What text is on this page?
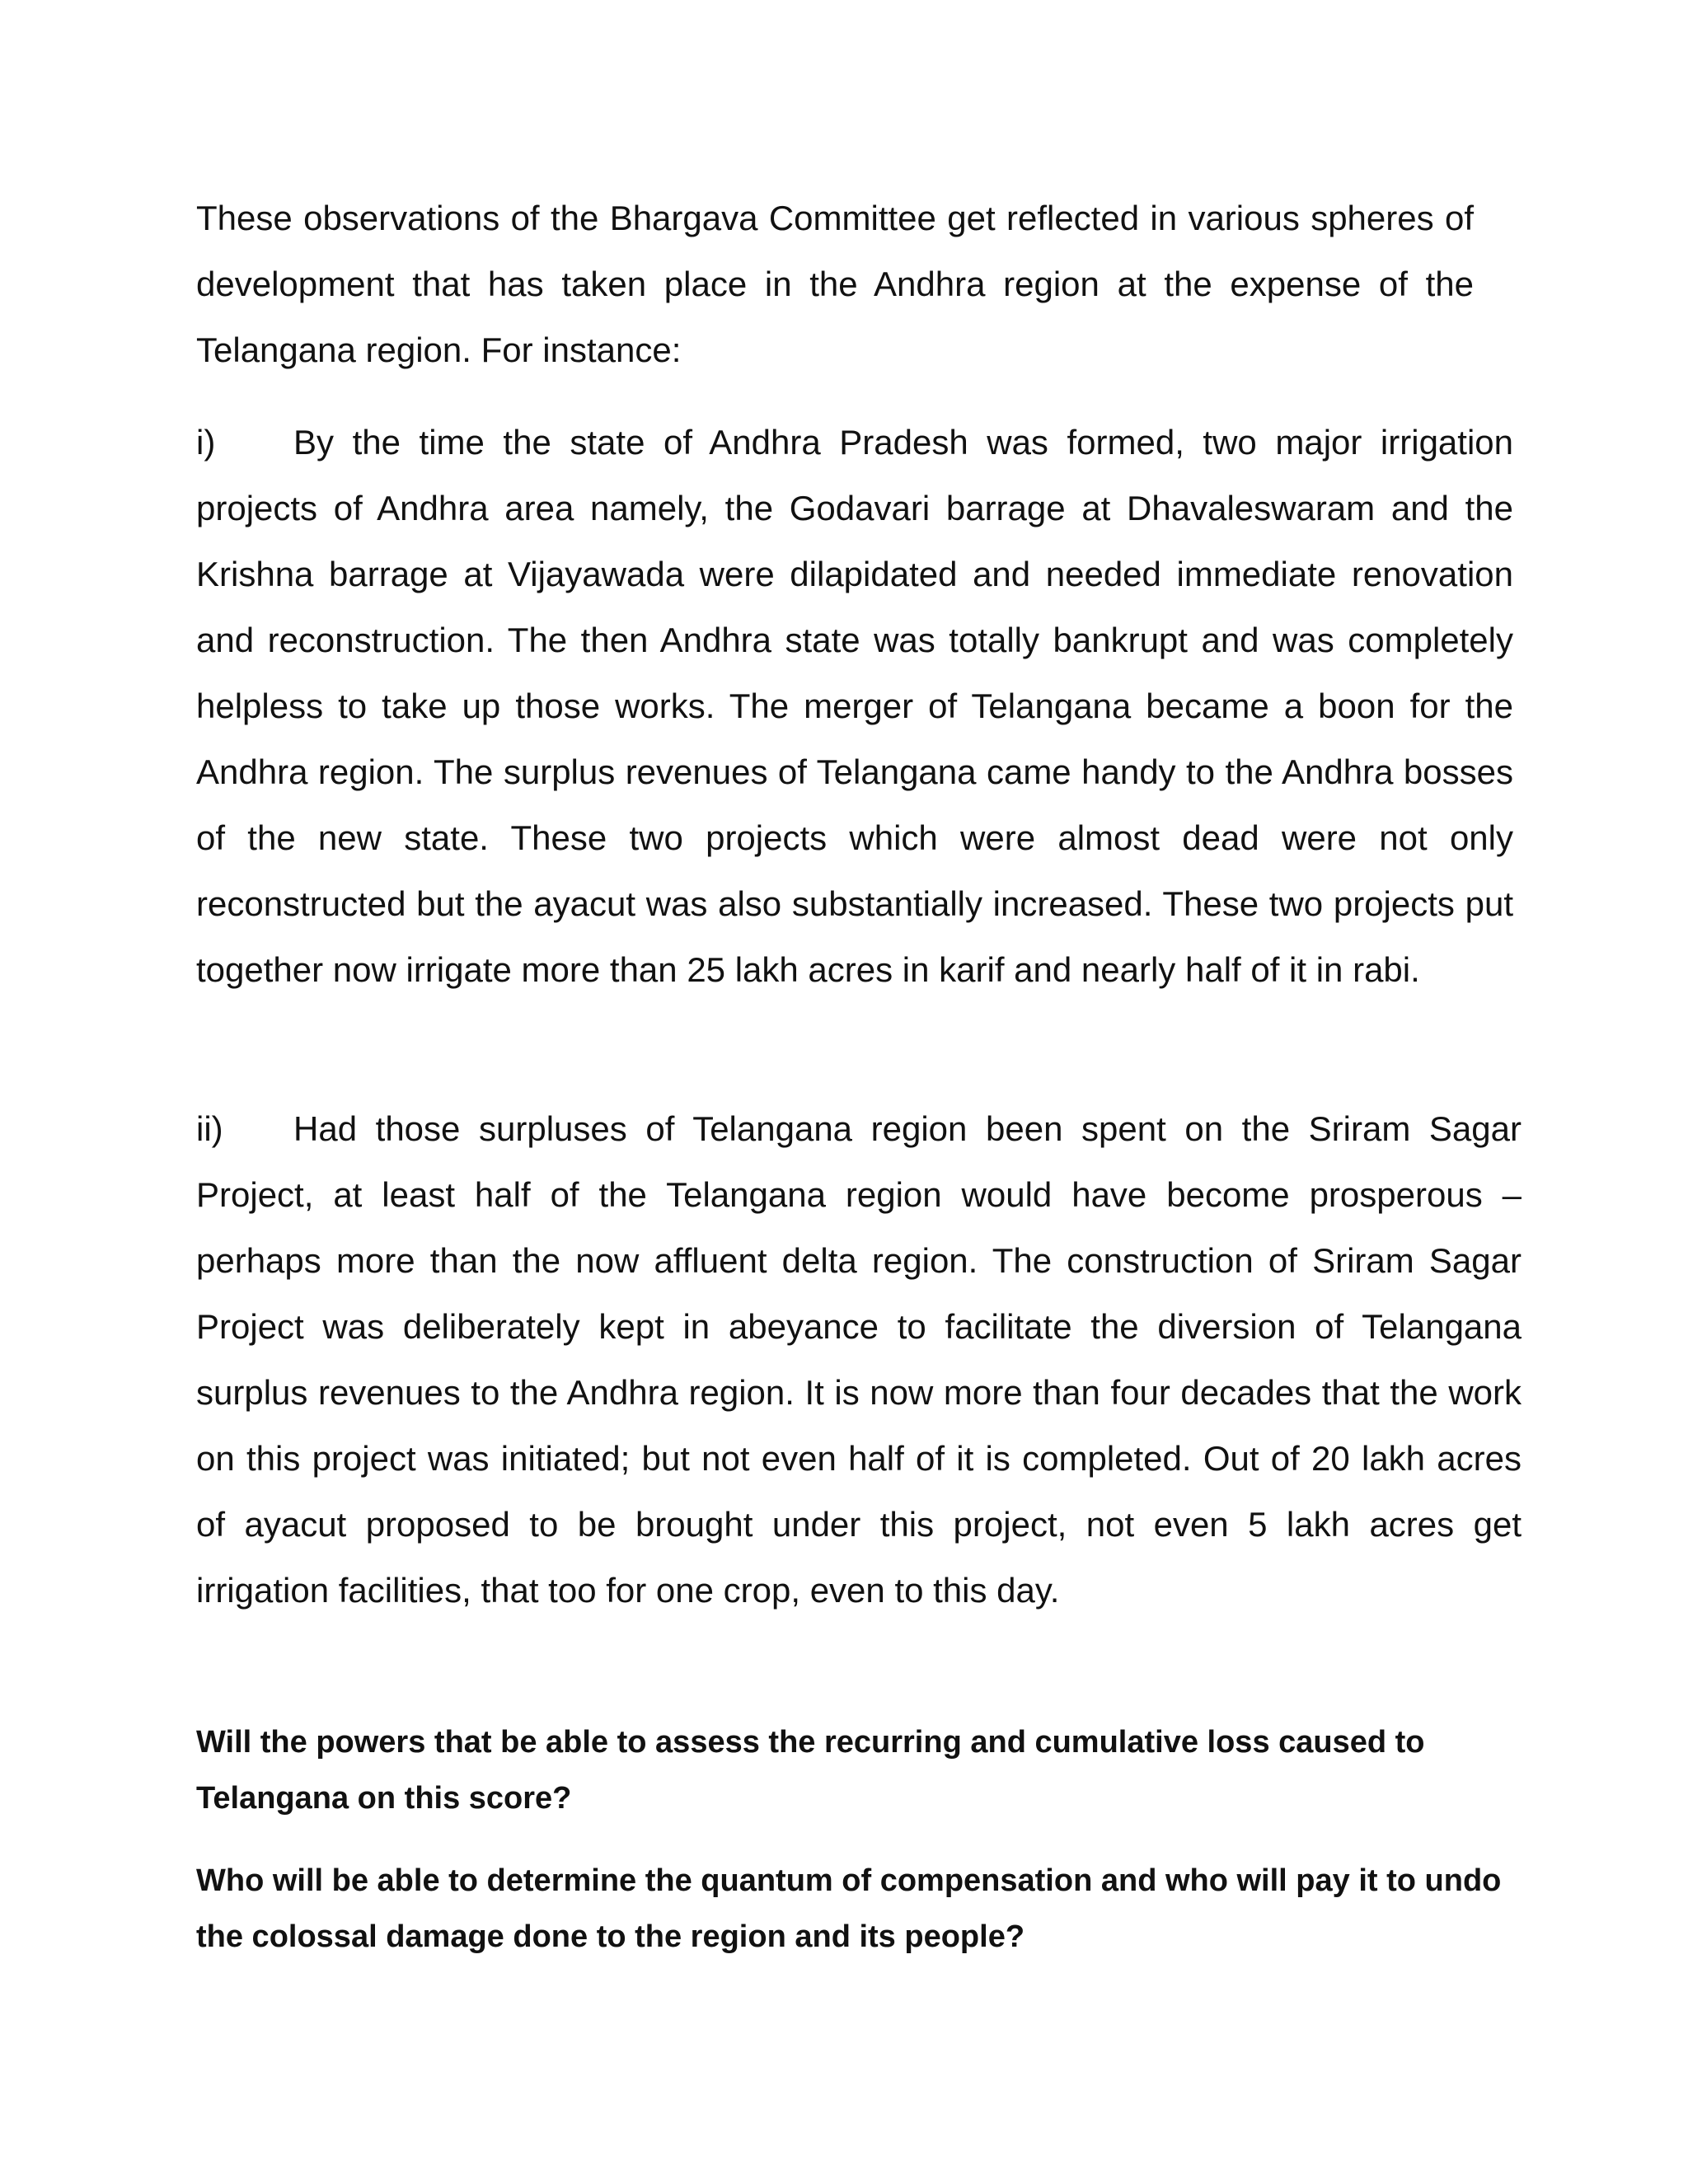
These observations of the Bhargava Committee get reflected in various spheres of development that has taken place in the Andhra region at the expense of the Telangana region. For instance:

i) By the time the state of Andhra Pradesh was formed, two major irrigation projects of Andhra area namely, the Godavari barrage at Dhavaleswaram and the Krishna barrage at Vijayawada were dilapidated and needed immediate renovation and reconstruction. The then Andhra state was totally bankrupt and was completely helpless to take up those works. The merger of Telangana became a boon for the Andhra region. The surplus revenues of Telangana came handy to the Andhra bosses of the new state. These two projects which were almost dead were not only reconstructed but the ayacut was also substantially increased. These two projects put together now irrigate more than 25 lakh acres in karif and nearly half of it in rabi.

ii) Had those surpluses of Telangana region been spent on the Sriram Sagar Project, at least half of the Telangana region would have become prosperous – perhaps more than the now affluent delta region. The construction of Sriram Sagar Project was deliberately kept in abeyance to facilitate the diversion of Telangana surplus revenues to the Andhra region. It is now more than four decades that the work on this project was initiated; but not even half of it is completed. Out of 20 lakh acres of ayacut proposed to be brought under this project, not even 5 lakh acres get irrigation facilities, that too for one crop, even to this day.

Will the powers that be able to assess the recurring and cumulative loss caused to Telangana on this score?

Who will be able to determine the quantum of compensation and who will pay it to undo the colossal damage done to the region and its people?
